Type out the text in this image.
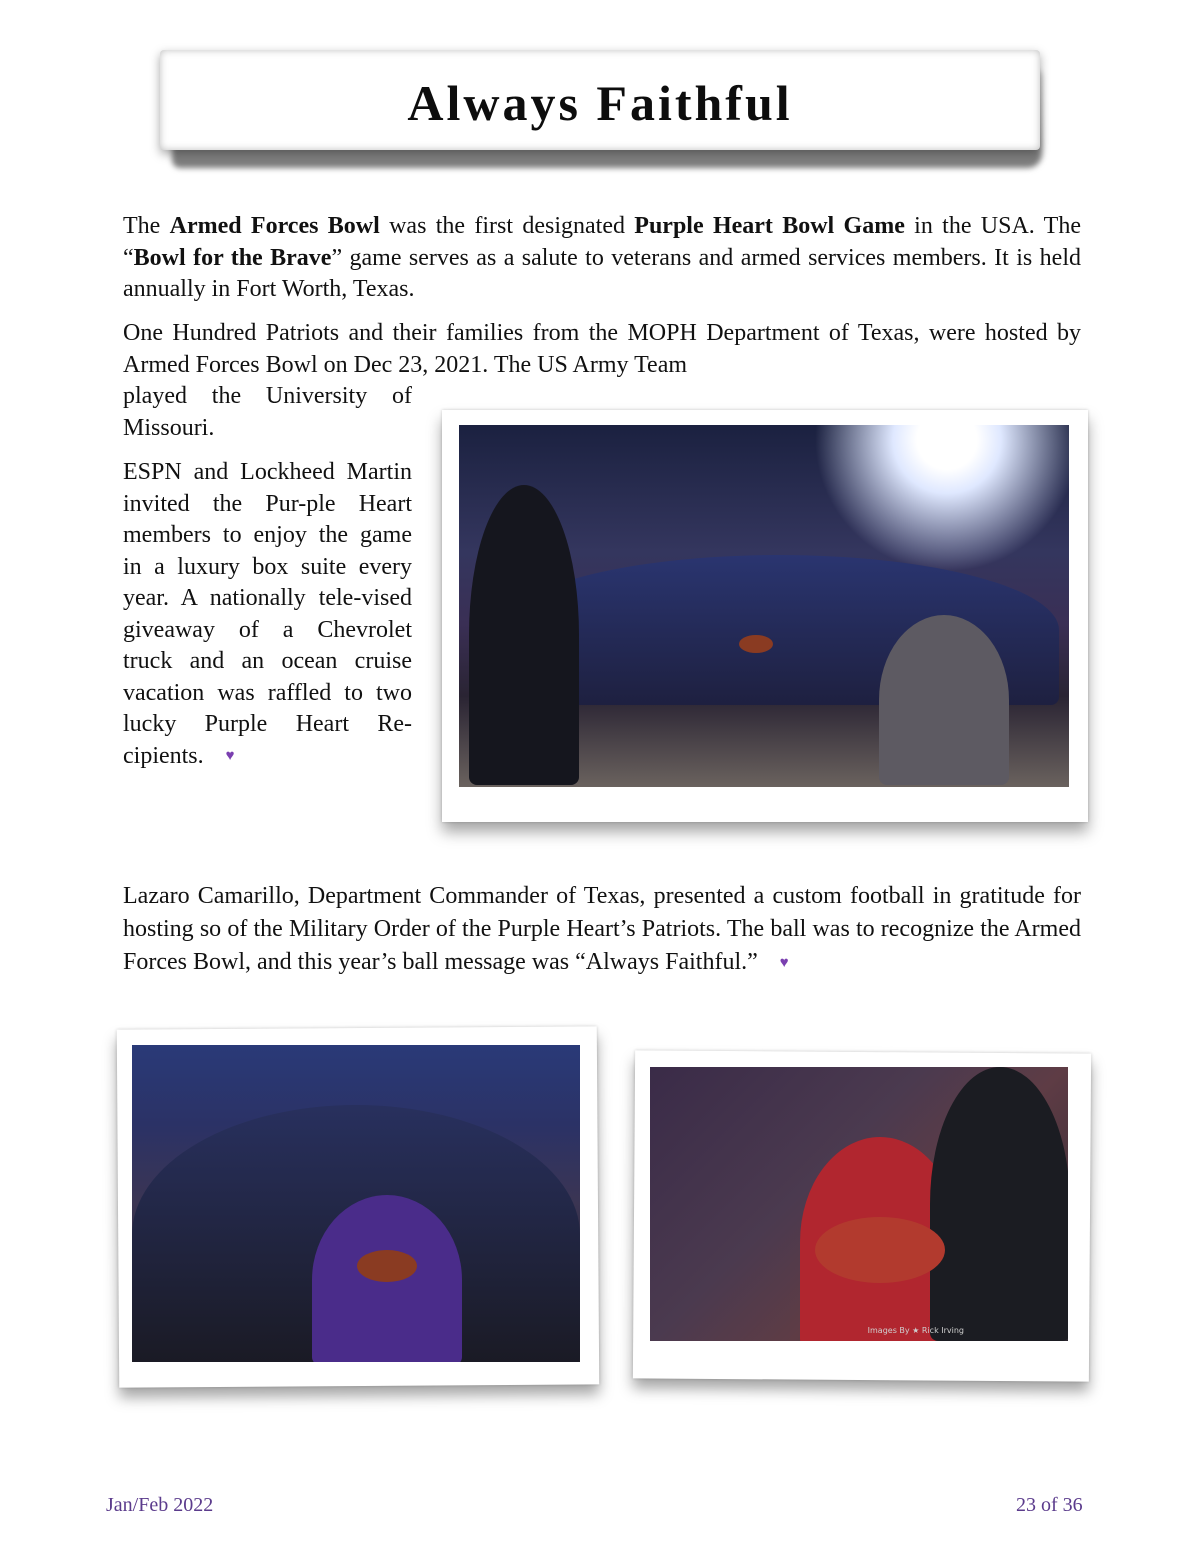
Always Faithful

The Armed Forces Bowl was the first designated Purple Heart Bowl Game in the USA. The “Bowl for the Brave” game serves as a salute to veterans and armed services members. It is held annually in Fort Worth, Texas.

One Hundred Patriots and their families from the MOPH Department of Texas, were hosted by Armed Forces Bowl on Dec 23, 2021. The US Army Team

played the University of Missouri.

ESPN and Lockheed Martin invited the Pur-ple Heart members to enjoy the game in a luxury box suite every year. A nationally tele-vised giveaway of a Chevrolet truck and an ocean cruise vacation was raffled to two lucky Purple Heart Re-cipients. ♥

Lazaro Camarillo, Department Commander of Texas, presented a custom football in gratitude for hosting so of the Military Order of the Purple Heart’s Patriots. The ball was to recognize the Armed Forces Bowl, and this year’s ball message was “Always Faithful.” ♥

Images By ★ Rick Irving
Jan/Feb 2022	23 of 36
